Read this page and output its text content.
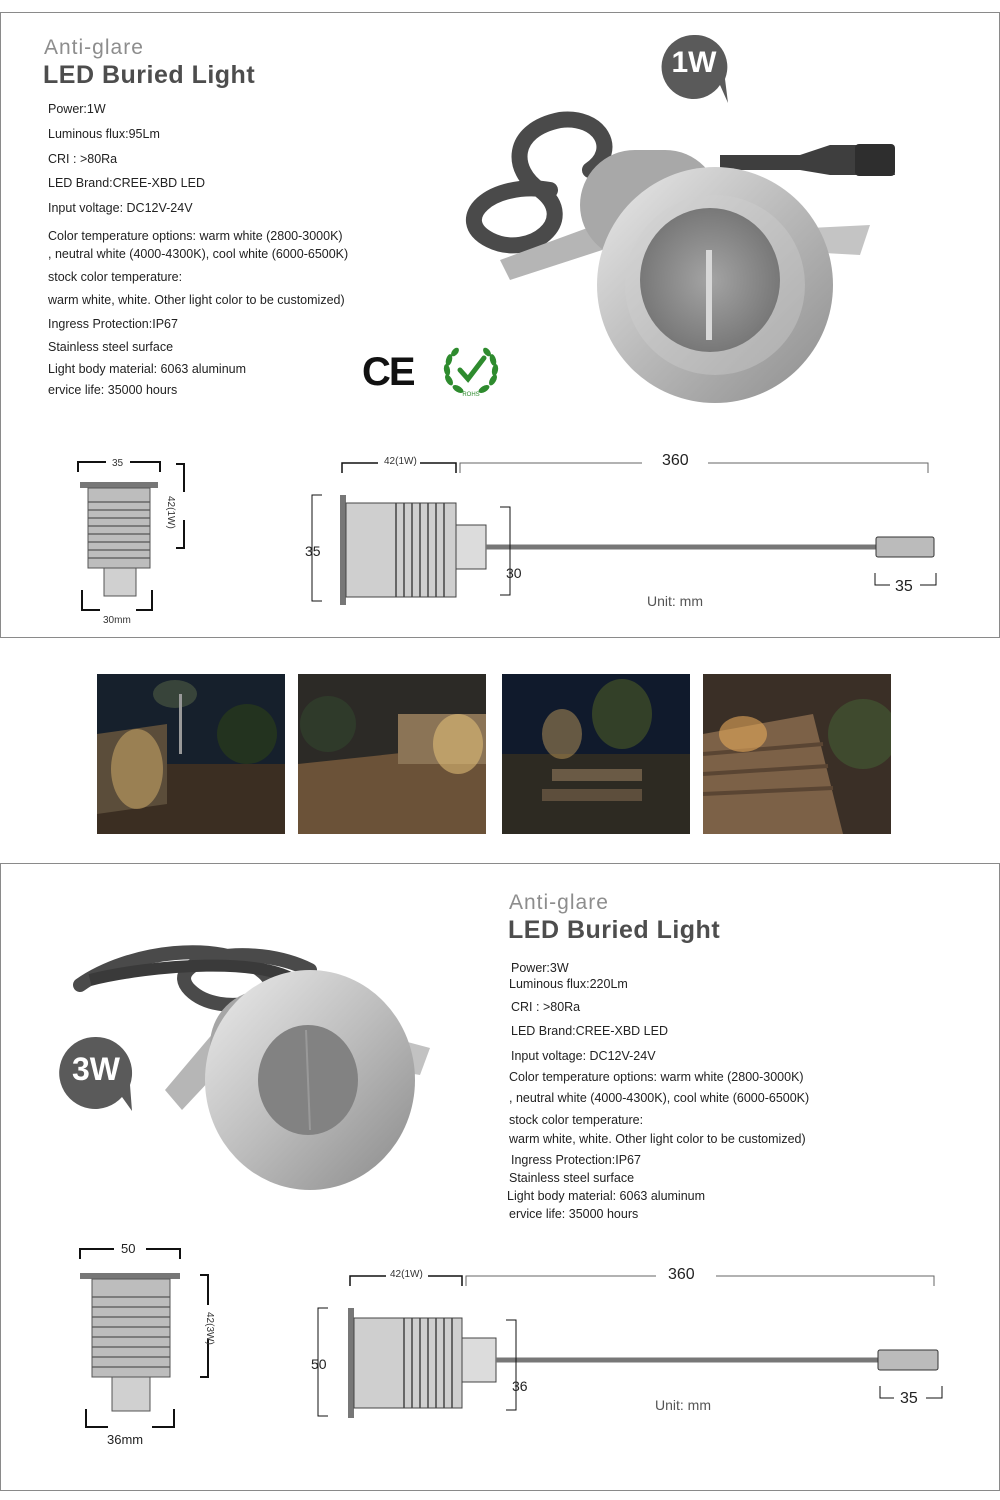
Anti-glare
LED Buried Light
Power:1W
Luminous flux:95Lm
CRI : >80Ra
LED Brand:CREE-XBD LED
Input voltage: DC12V-24V
Color temperature options: warm white (2800-3000K)
, neutral white (4000-4300K), cool white (6000-6500K)
stock color temperature:
warm white, white. Other light color to be customized)
Ingress Protection:IP67
Stainless steel surface
Light body material: 6063 aluminum
ervice life: 35000 hours	CE
ROHS
1W
35
42(1W)
30mm
42(1W)	360
35
30
35
Unit: mm
Anti-glare
LED Buried Light
Power:3W
Luminous flux:220Lm
CRI : >80Ra
LED Brand:CREE-XBD LED
Input voltage: DC12V-24V
Color temperature options: warm white (2800-3000K)
, neutral white (4000-4300K), cool white (6000-6500K)
stock color temperature:
warm white, white. Other light color to be customized)
Ingress Protection:IP67
Stainless steel surface
Light body material: 6063 aluminum
ervice life: 35000 hours
3W
50
42(3W)
36mm
42(1W)	360
50
36
35
Unit: mm
